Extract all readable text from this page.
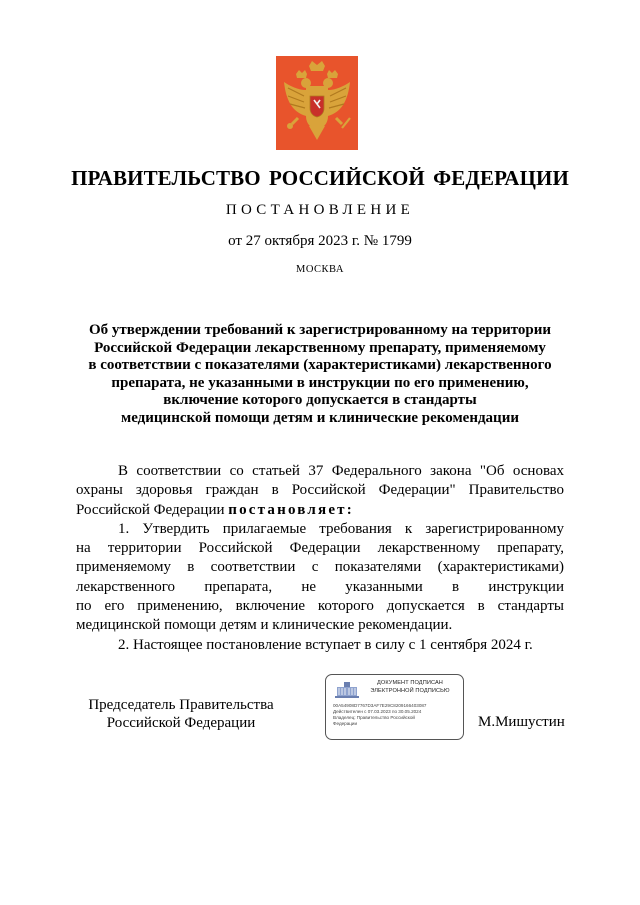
ПРАВИТЕЛЬСТВО РОССИЙСКОЙ ФЕДЕРАЦИИ
ПОСТАНОВЛЕНИЕ
от 27 октября 2023 г. № 1799
МОСКВА
Об утверждении требований к зарегистрированному на территории
Российской Федерации лекарственному препарату, применяемому
в соответствии с показателями (характеристиками) лекарственного
препарата, не указанными в инструкции по его применению,
включение которого допускается в стандарты
медицинской помощи детям и клинические рекомендации
В соответствии со статьей 37 Федерального закона "Об основах
охраны здоровья граждан в Российской Федерации" Правительство
Российской Федерации постановляет:
1. Утвердить прилагаемые требования к зарегистрированному
на территории Российской Федерации лекарственному препарату,
применяемому в соответствии с показателями (характеристиками)
лекарственного препарата, не указанными в инструкции
по его применению, включение которого допускается в стандарты
медицинской помощи детям и клинические рекомендации.
2. Настоящее постановление вступает в силу с 1 сентября 2024 г.
Председатель Правительства
Российской Федерации
ДОКУМЕНТ ПОДПИСАН
ЭЛЕКТРОННОЙ ПОДПИСЬЮ
00A54908D7767D3AF7E29C8209166403087
Действителен с 07.03.2023 по 30.05.2024
Владелец: Правительство Российской
Федерации	М.Мишустин
